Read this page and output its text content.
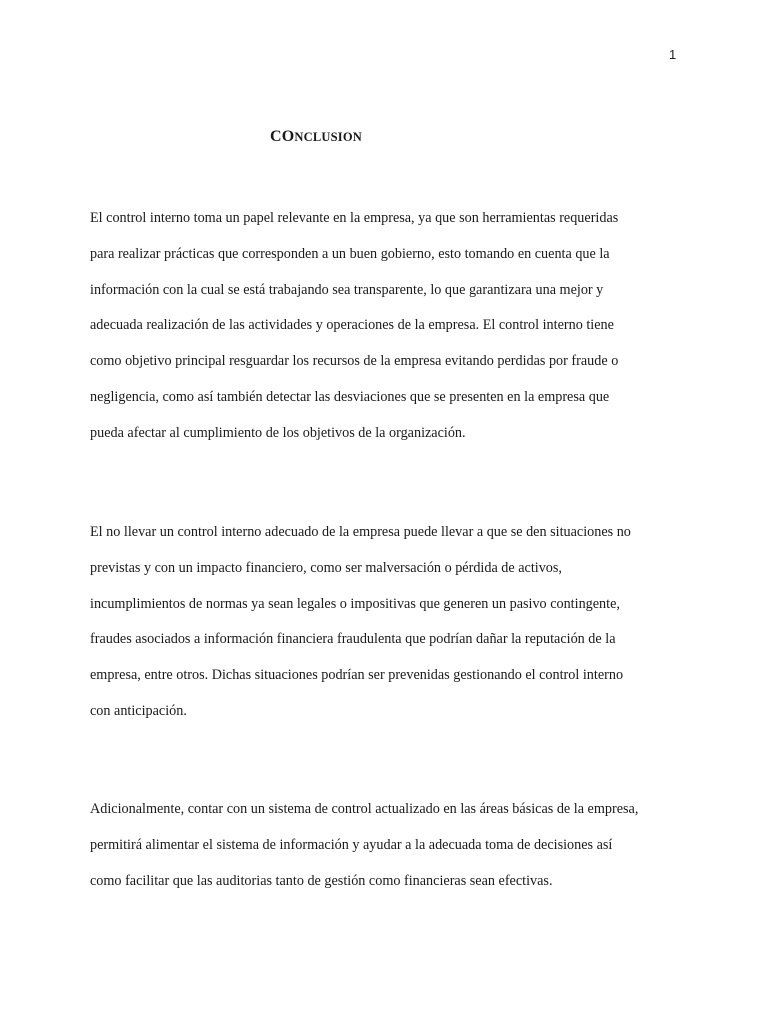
1
CONCLUSION
El control interno toma un papel relevante en la empresa, ya que son herramientas requeridas
para realizar prácticas que corresponden a un buen gobierno, esto tomando en cuenta que la
información con la cual se está trabajando sea transparente, lo que garantizara una mejor y
adecuada realización de las actividades y operaciones de la empresa. El control interno tiene
como objetivo principal resguardar los recursos de la empresa evitando perdidas por fraude o
negligencia, como así también detectar las desviaciones que se presenten en la empresa que
pueda afectar al cumplimiento de los objetivos de la organización.
El no llevar un control interno adecuado de la empresa puede llevar a que se den situaciones no
previstas y con un impacto financiero, como ser malversación o pérdida de activos,
incumplimientos de normas ya sean legales o impositivas que generen un pasivo contingente,
fraudes asociados a información financiera fraudulenta que podrían dañar la reputación de la
empresa, entre otros. Dichas situaciones podrían ser prevenidas gestionando el control interno
con anticipación.
Adicionalmente, contar con un sistema de control actualizado en las áreas básicas de la empresa,
permitirá alimentar el sistema de información y ayudar a la adecuada toma de decisiones así
como facilitar que las auditorias tanto de gestión como financieras sean efectivas.
